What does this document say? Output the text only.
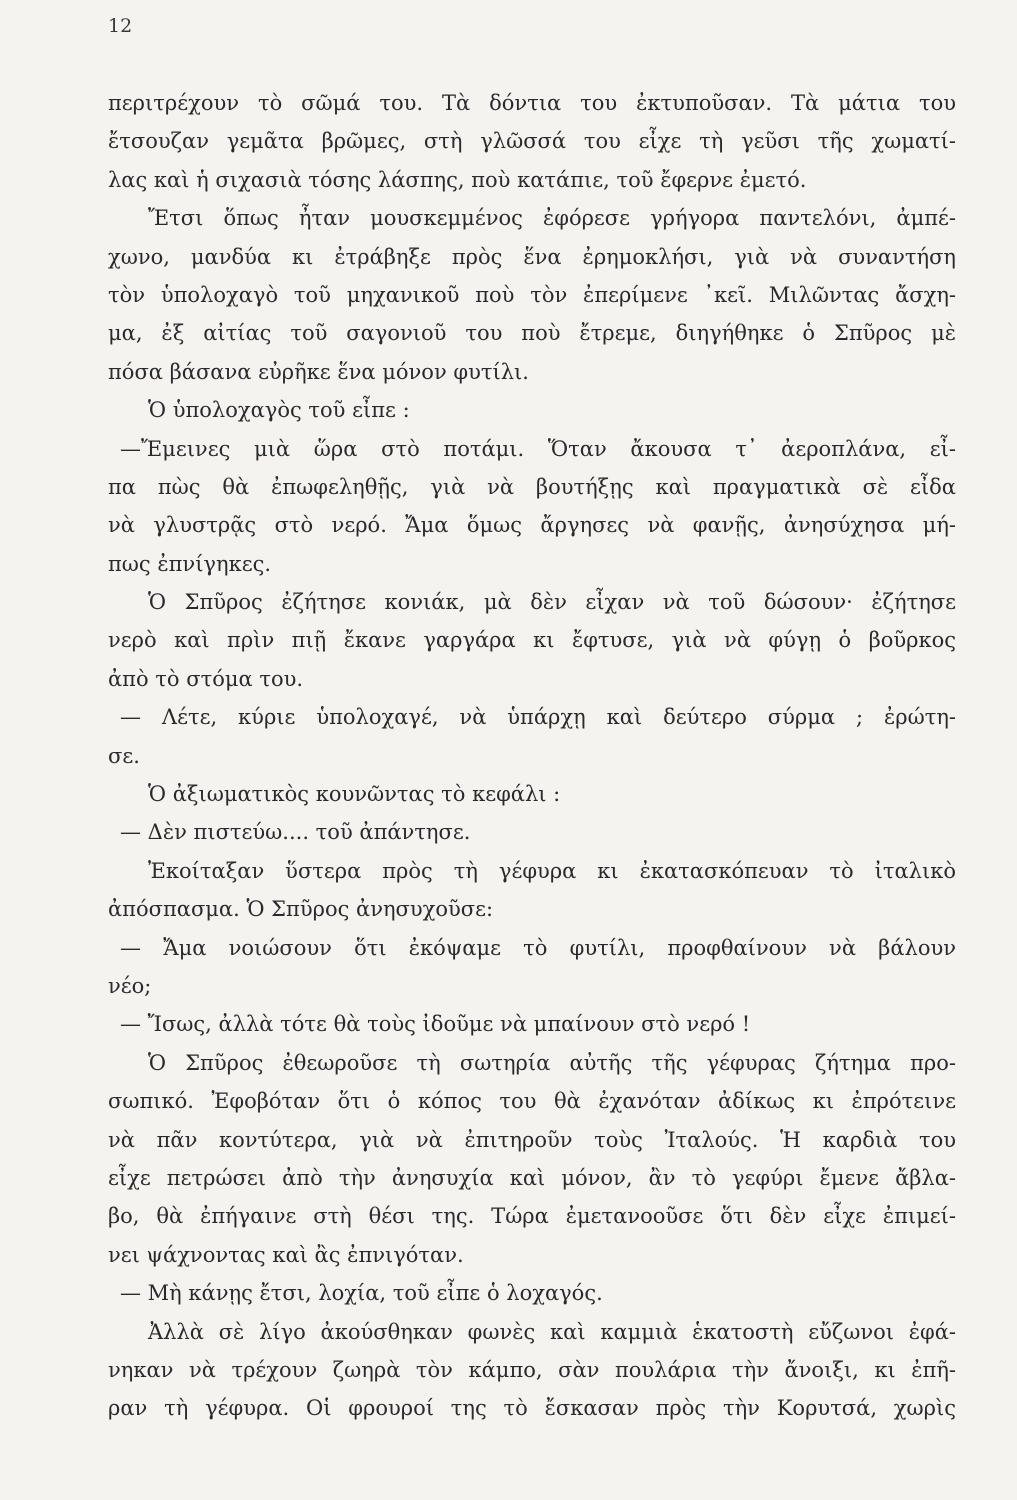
12
περιτρέχουν τὸ σῶμά του. Τὰ δόντια του ἐκτυποῦσαν. Τὰ μάτια του
ἔτσουζαν γεμᾶτα βρῶμες, στὴ γλῶσσά του εἶχε τὴ γεῦσι τῆς χωματί-
λας καὶ ἡ σιχασιὰ τόσης λάσπης, ποὺ κατάπιε, τοῦ ἔφερνε ἐμετό.
Ἔτσι ὅπως ἦταν μουσκεμμένος ἐφόρεσε γρήγορα παντελόνι, ἀμπέ-
χωνο, μανδύα κι ἐτράβηξε πρὸς ἕνα ἐρημοκλήσι, γιὰ νὰ συναντήση
τὸν ὑπολοχαγὸ τοῦ μηχανικοῦ ποὺ τὸν ἐπερίμενε ᾿κεῖ. Μιλῶντας ἄσχη-
μα, ἐξ αἰτίας τοῦ σαγονιοῦ του ποὺ ἔτρεμε, διηγήθηκε ὁ Σπῦρος μὲ
πόσα βάσανα εὐρῆκε ἕνα μόνον φυτίλι.
Ὁ ὑπολοχαγὸς τοῦ εἶπε :
—Ἔμεινες μιὰ ὥρα στὸ ποτάμι. Ὅταν ἄκουσα τ᾿ ἀεροπλάνα, εἶ-
πα πὼς θὰ ἐπωφεληθῇς, γιὰ νὰ βουτήξῃς καὶ πραγματικὰ σὲ εἶδα
νὰ γλυστρᾷς στὸ νερό. Ἄμα ὅμως ἄργησες νὰ φανῇς, ἀνησύχησα μή-
πως ἐπνίγηκες.
Ὁ Σπῦρος ἐζήτησε κονιάκ, μὰ δὲν εἶχαν νὰ τοῦ δώσουν· ἐζήτησε
νερὸ καὶ πρὶν πιῇ ἔκανε γαργάρα κι ἔφτυσε, γιὰ νὰ φύγῃ ὁ βοῦρκος
ἀπὸ τὸ στόμα του.
— Λέτε, κύριε ὑπολοχαγέ, νὰ ὑπάρχῃ καὶ δεύτερο σύρμα ; ἐρώτη-
σε.
Ὁ ἀξιωματικὸς κουνῶντας τὸ κεφάλι :
— Δὲν πιστεύω.... τοῦ ἀπάντησε.
Ἐκοίταξαν ὕστερα πρὸς τὴ γέφυρα κι ἐκατασκόπευαν τὸ ἰταλικὸ
ἀπόσπασμα. Ὁ Σπῦρος ἀνησυχοῦσε:
— Ἄμα νοιώσουν ὅτι ἐκόψαμε τὸ φυτίλι, προφθαίνουν νὰ βάλουν
νέο;
— Ἴσως, ἀλλὰ τότε θὰ τοὺς ἰδοῦμε νὰ μπαίνουν στὸ νερό !
Ὁ Σπῦρος ἐθεωροῦσε τὴ σωτηρία αὐτῆς τῆς γέφυρας ζήτημα προ-
σωπικό. Ἐφοβόταν ὅτι ὁ κόπος του θὰ ἐχανόταν ἀδίκως κι ἐπρότεινε
νὰ πᾶν κοντύτερα, γιὰ νὰ ἐπιτηροῦν τοὺς Ἰταλούς. Ἡ καρδιὰ του
εἶχε πετρώσει ἀπὸ τὴν ἀνησυχία καὶ μόνον, ἂν τὸ γεφύρι ἔμενε ἄβλα-
βο, θὰ ἐπήγαινε στὴ θέσι της. Τώρα ἐμετανοοῦσε ὅτι δὲν εἶχε ἐπιμεί-
νει ψάχνοντας καὶ ἂς ἐπνιγόταν.
— Μὴ κάνῃς ἔτσι, λοχία, τοῦ εἶπε ὁ λοχαγός.
Ἀλλὰ σὲ λίγο ἀκούσθηκαν φωνὲς καὶ καμμιὰ ἑκατοστὴ εὔζωνοι ἐφά-
νηκαν νὰ τρέχουν ζωηρὰ τὸν κάμπο, σὰν πουλάρια τὴν ἄνοιξι, κι ἐπῆ-
ραν τὴ γέφυρα. Οἱ φρουροί της τὸ ἔσκασαν πρὸς τὴν Κορυτσά, χωρὶς
